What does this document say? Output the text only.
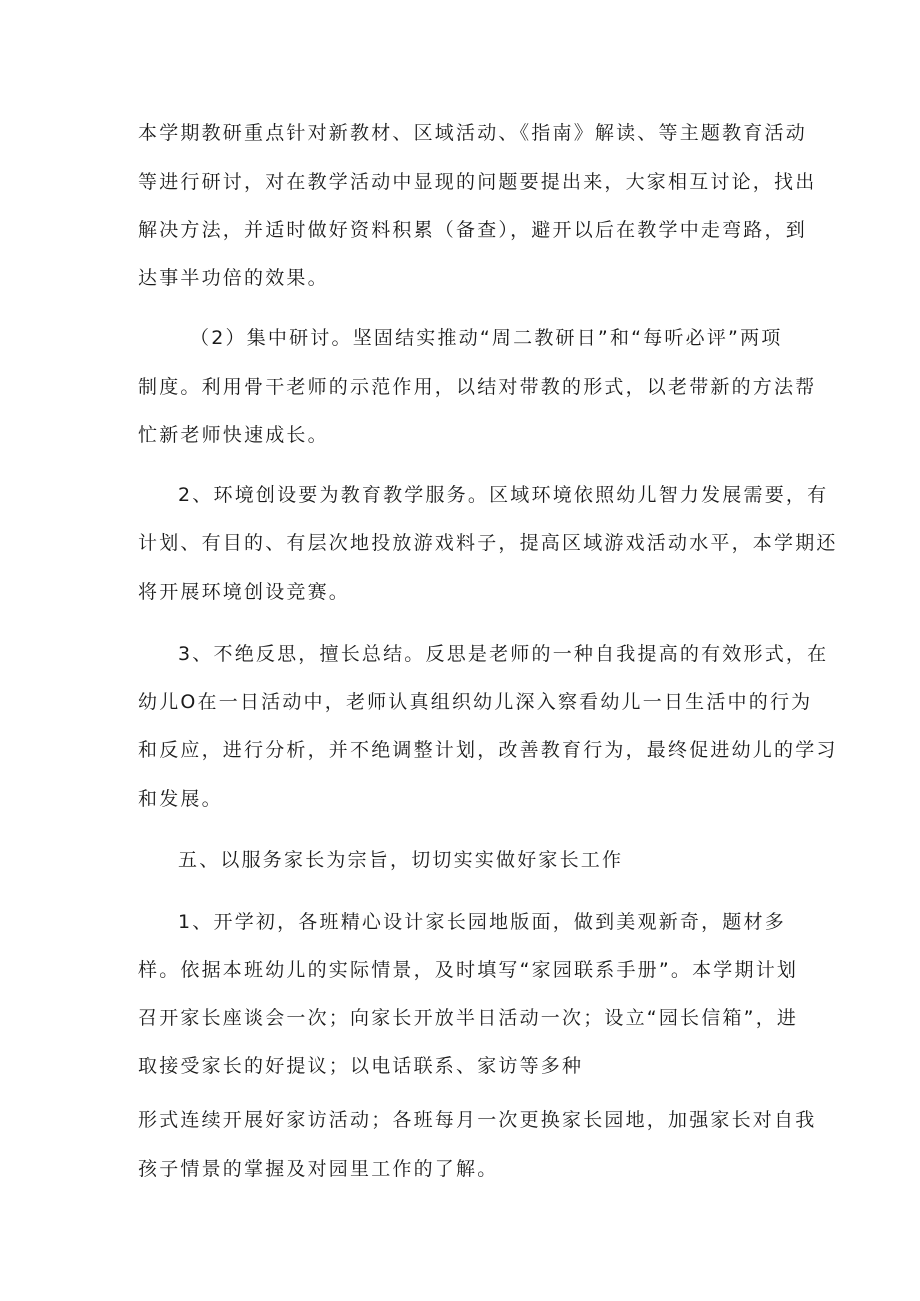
本学期教研重点针对新教材、区域活动、《指南》解读、等主题教育活动
等进行研讨，对在教学活动中显现的问题要提出来，大家相互讨论，找出
解决方法，并适时做好资料积累（备查），避开以后在教学中走弯路，到
达事半功倍的效果。
（2）集中研讨。坚固结实推动“周二教研日”和“每听必评”两项
制度。利用骨干老师的示范作用，以结对带教的形式，以老带新的方法帮
忙新老师快速成长。
2、环境创设要为教育教学服务。区域环境依照幼儿智力发展需要，有
计划、有目的、有层次地投放游戏料子，提高区域游戏活动水平，本学期还
将开展环境创设竞赛。
3、不绝反思，擅长总结。反思是老师的一种自我提高的有效形式，在
幼儿O在一日活动中，老师认真组织幼儿深入察看幼儿一日生活中的行为
和反应，进行分析，并不绝调整计划，改善教育行为，最终促进幼儿的学习
和发展。
五、以服务家长为宗旨，切切实实做好家长工作
1、开学初，各班精心设计家长园地版面，做到美观新奇，题材多
样。依据本班幼儿的实际情景，及时填写“家园联系手册”。本学期计划
召开家长座谈会一次；向家长开放半日活动一次；设立“园长信箱”，进
取接受家长的好提议；以电话联系、家访等多种
形式连续开展好家访活动；各班每月一次更换家长园地，加强家长对自我
孩子情景的掌握及对园里工作的了解。
